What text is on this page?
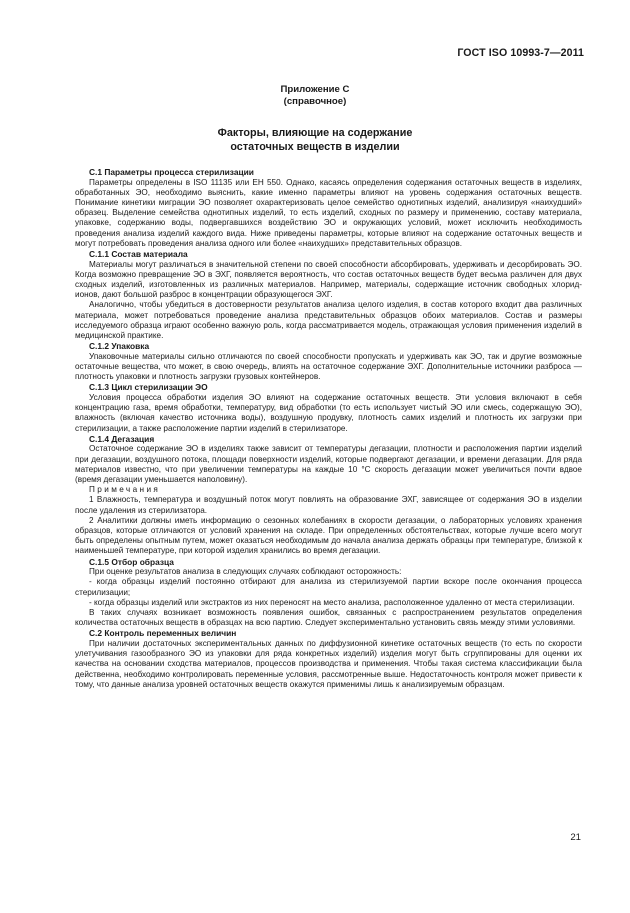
ГОСТ ISO 10993-7—2011
Приложение С
(справочное)
Факторы, влияющие на содержание
остаточных веществ в изделии
С.1 Параметры процесса стерилизации

Параметры определены в ISO 11135 или ЕН 550. Однако, касаясь определения содержания остаточных веществ в изделиях, обработанных ЭО, необходимо выяснить, какие именно параметры влияют на уровень содержания остаточных веществ. Понимание кинетики миграции ЭО позволяет охарактеризовать целое семейство однотипных изделий, анализируя «наихудший» образец. Выделение семейства однотипных изделий, то есть изделий, сходных по размеру и применению, составу материала, упаковке, содержанию воды, подвергавшихся воздействию ЭО и окружающих условий, может исключить необходимость проведения анализа изделий каждого вида. Ниже приведены параметры, которые влияют на содержание остаточных веществ и могут потребовать проведения анализа одного или более «наихудших» представительных образцов.

С.1.1 Состав материала

Материалы могут различаться в значительной степени по своей способности абсорбировать, удерживать и десорбировать ЭО. Когда возможно превращение ЭО в ЭХГ, появляется вероятность, что состав остаточных веществ будет весьма различен для двух сходных изделий, изготовленных из различных материалов. Например, материалы, содержащие источник свободных хлорид-ионов, дают большой разброс в концентрации образующегося ЭХГ.

Аналогично, чтобы убедиться в достоверности результатов анализа целого изделия, в состав которого входит два различных материала, может потребоваться проведение анализа представительных образцов обоих материалов. Состав и размеры исследуемого образца играют особенно важную роль, когда рассматривается модель, отражающая условия применения изделий в медицинской практике.

С.1.2 Упаковка

Упаковочные материалы сильно отличаются по своей способности пропускать и удерживать как ЭО, так и другие возможные остаточные вещества, что может, в свою очередь, влиять на остаточное содержание ЭХГ. Дополнительные источники разброса — плотность упаковки и плотность загрузки грузовых контейнеров.

С.1.3 Цикл стерилизации ЭО

Условия процесса обработки изделия ЭО влияют на содержание остаточных веществ. Эти условия включают в себя концентрацию газа, время обработки, температуру, вид обработки (то есть использует чистый ЭО или смесь, содержащую ЭО), влажность (включая качество источника воды), воздушную продувку, плотность самих изделий и плотность их загрузки при стерилизации, а также расположение партии изделий в стерилизаторе.

С.1.4 Дегазация

Остаточное содержание ЭО в изделиях также зависит от температуры дегазации, плотности и расположения партии изделий при дегазации, воздушного потока, площади поверхности изделий, которые подвергают дегазации, и времени дегазации. Для ряда материалов известно, что при увеличении температуры на каждые 10 °С скорость дегазации может увеличиться почти вдвое (время дегазации уменьшается наполовину).

Примечания

1 Влажность, температура и воздушный поток могут повлиять на образование ЭХГ, зависящее от содержания ЭО в изделии после удаления из стерилизатора.

2 Аналитики должны иметь информацию о сезонных колебаниях в скорости дегазации, о лабораторных условиях хранения образцов, которые отличаются от условий хранения на складе. При определенных обстоятельствах, которые лучше всего могут быть определены опытным путем, может оказаться необходимым до начала анализа держать образцы при температуре, близкой к наименьшей температуре, при которой изделия хранились во время дегазации.

С.1.5 Отбор образца

При оценке результатов анализа в следующих случаях соблюдают осторожность:

- когда образцы изделий постоянно отбирают для анализа из стерилизуемой партии вскоре после окончания процесса стерилизации;

- когда образцы изделий или экстрактов из них переносят на место анализа, расположенное удаленно от места стерилизации.

В таких случаях возникает возможность появления ошибок, связанных с распространением результатов определения количества остаточных веществ в образцах на всю партию. Следует экспериментально установить связь между этими условиями.

С.2 Контроль переменных величин

При наличии достаточных экспериментальных данных по диффузионной кинетике остаточных веществ (то есть по скорости улетучивания газообразного ЭО из упаковки для ряда конкретных изделий) изделия могут быть сгруппированы для оценки их качества на основании сходства материалов, процессов производства и применения. Чтобы такая система классификации была действенна, необходимо контролировать переменные условия, рассмотренные выше. Недостаточность контроля может привести к тому, что данные анализа уровней остаточных веществ окажутся применимы лишь к анализируемым образцам.

21
